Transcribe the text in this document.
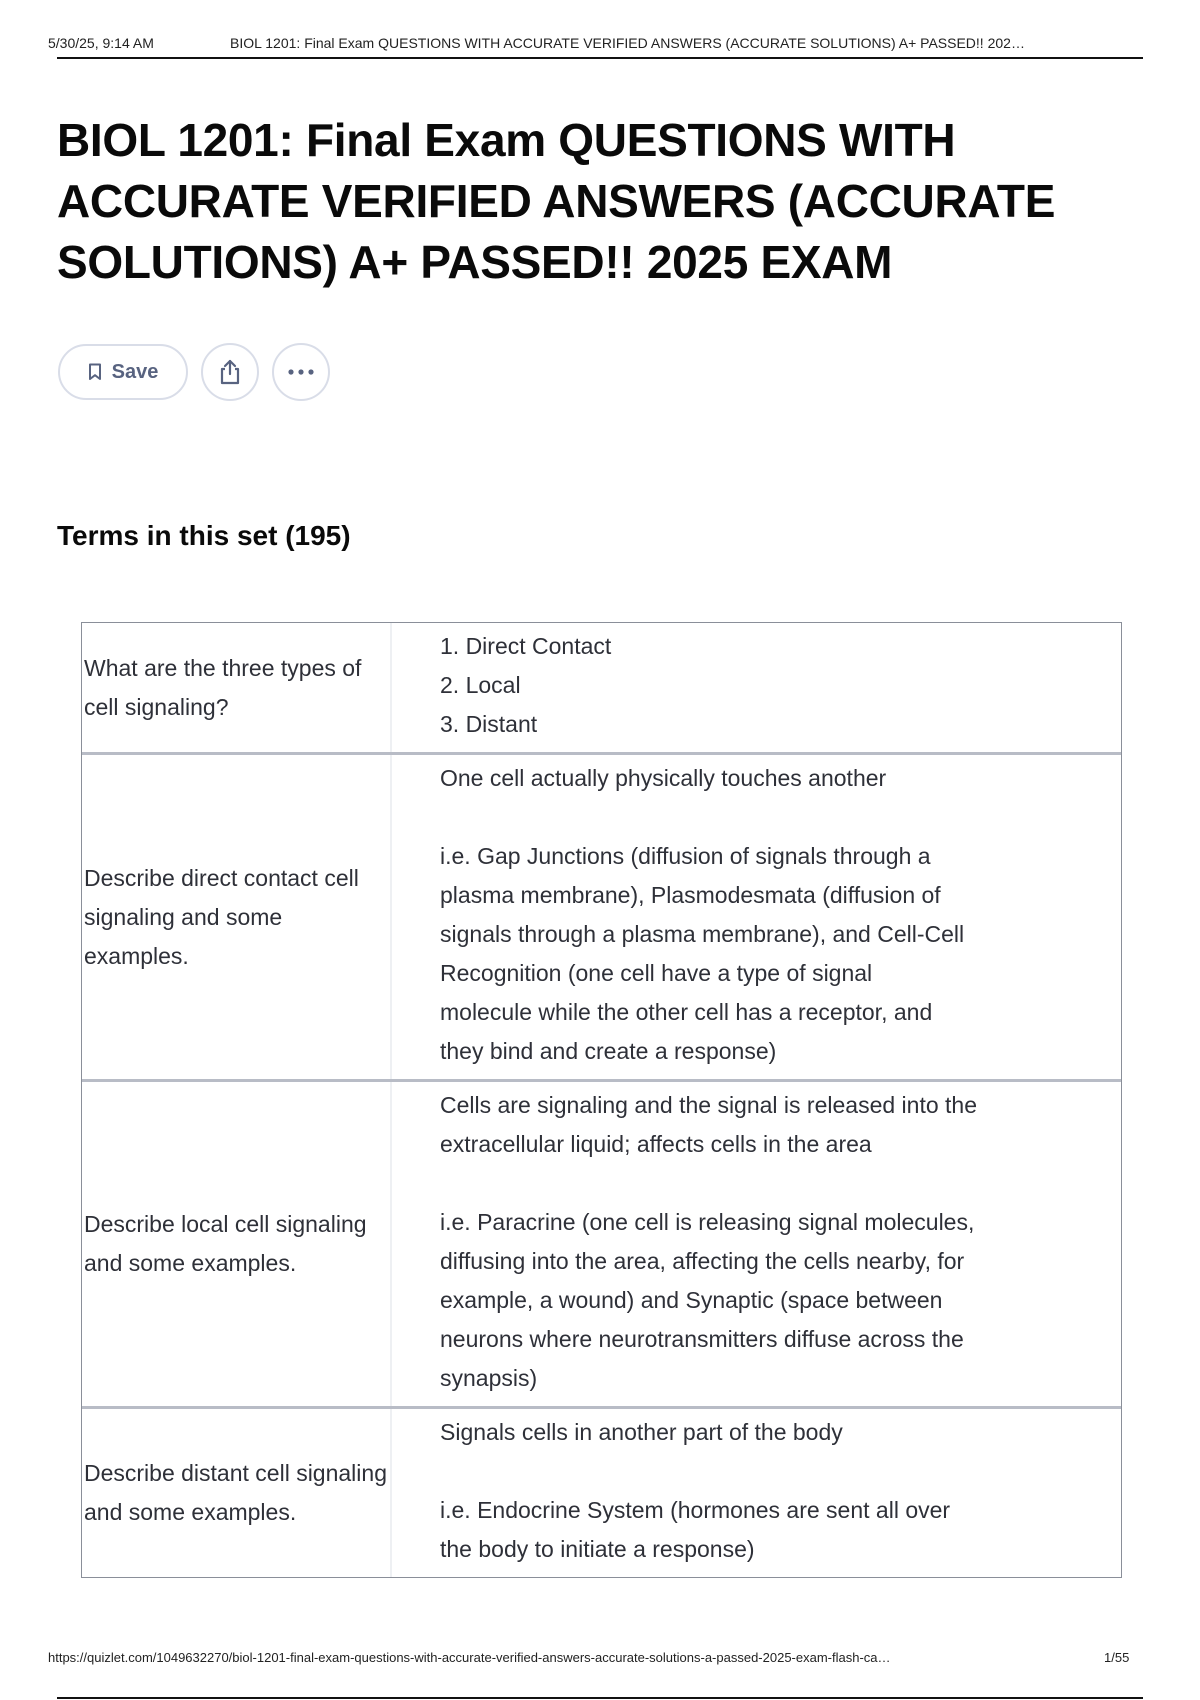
5/30/25, 9:14 AM	BIOL 1201: Final Exam QUESTIONS WITH ACCURATE VERIFIED ANSWERS (ACCURATE SOLUTIONS) A+ PASSED!! 202…
BIOL 1201: Final Exam QUESTIONS WITH ACCURATE VERIFIED ANSWERS (ACCURATE SOLUTIONS) A+ PASSED!! 2025 EXAM
Save
Terms in this set (195)
What are the three types of cell signaling?
1. Direct Contact
2. Local
3. Distant
Describe direct contact cell signaling and some examples.
One cell actually physically touches another
i.e. Gap Junctions (diffusion of signals through a
plasma membrane), Plasmodesmata (diffusion of
signals through a plasma membrane), and Cell-Cell
Recognition (one cell have a type of signal
molecule while the other cell has a receptor, and
they bind and create a response)
Describe local cell signaling and some examples.
Cells are signaling and the signal is released into the
extracellular liquid; affects cells in the area
i.e. Paracrine (one cell is releasing signal molecules,
diffusing into the area, affecting the cells nearby, for
example, a wound) and Synaptic (space between
neurons where neurotransmitters diffuse across the
synapsis)
Describe distant cell signaling and some examples.
Signals cells in another part of the body
i.e. Endocrine System (hormones are sent all over
the body to initiate a response)
https://quizlet.com/1049632270/biol-1201-final-exam-questions-with-accurate-verified-answers-accurate-solutions-a-passed-2025-exam-flash-ca…	1/55
